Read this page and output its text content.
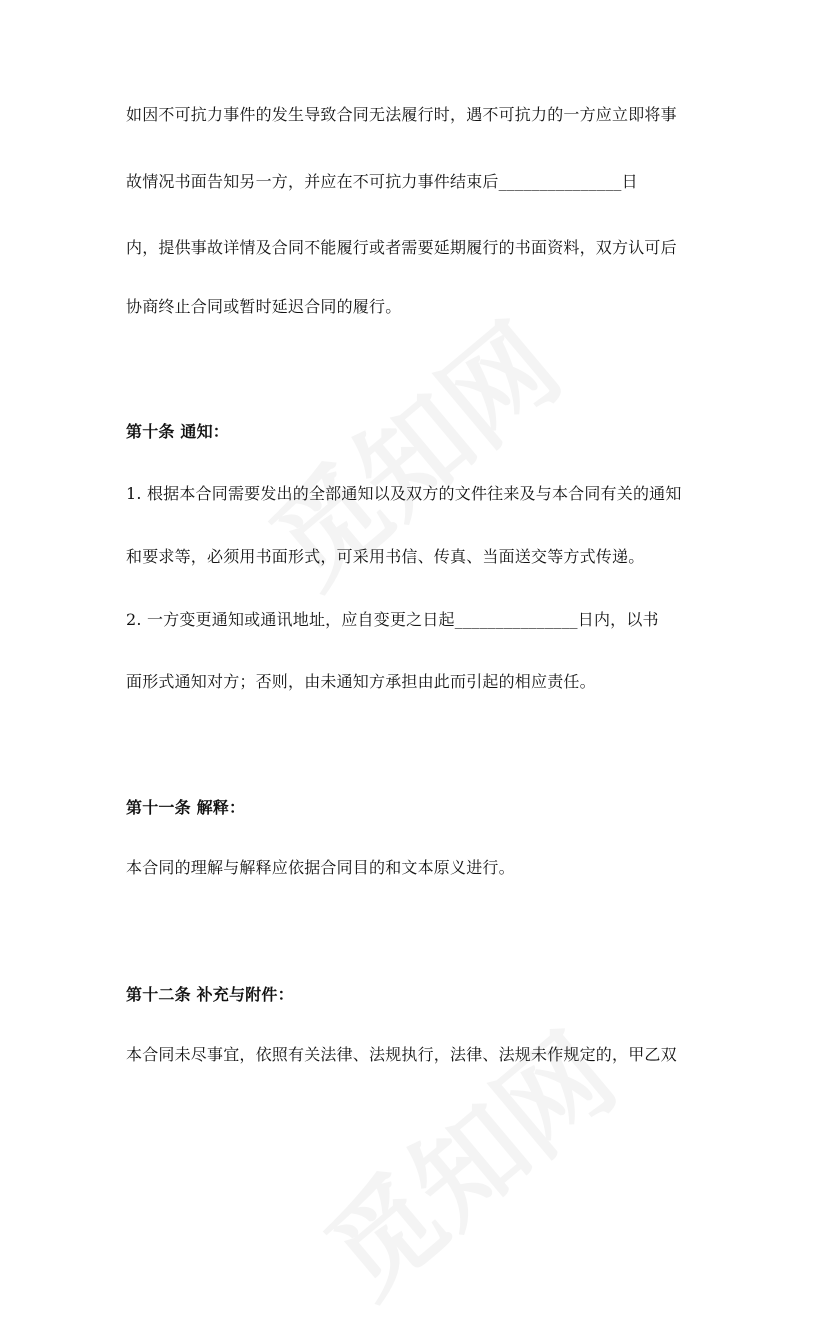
如因不可抗力事件的发生导致合同无法履行时，遇不可抗力的一方应立即将事
故情况书面告知另一方，并应在不可抗力事件结束后_______________日
内，提供事故详情及合同不能履行或者需要延期履行的书面资料，双方认可后
协商终止合同或暂时延迟合同的履行。
第十条 通知：
1. 根据本合同需要发出的全部通知以及双方的文件往来及与本合同有关的通知
和要求等，必须用书面形式，可采用书信、传真、当面送交等方式传递。
2. 一方变更通知或通讯地址，应自变更之日起_______________日内，以书
面形式通知对方；否则，由未通知方承担由此而引起的相应责任。
第十一条 解释：
本合同的理解与解释应依据合同目的和文本原义进行。
第十二条 补充与附件：
本合同未尽事宜，依照有关法律、法规执行，法律、法规未作规定的，甲乙双
